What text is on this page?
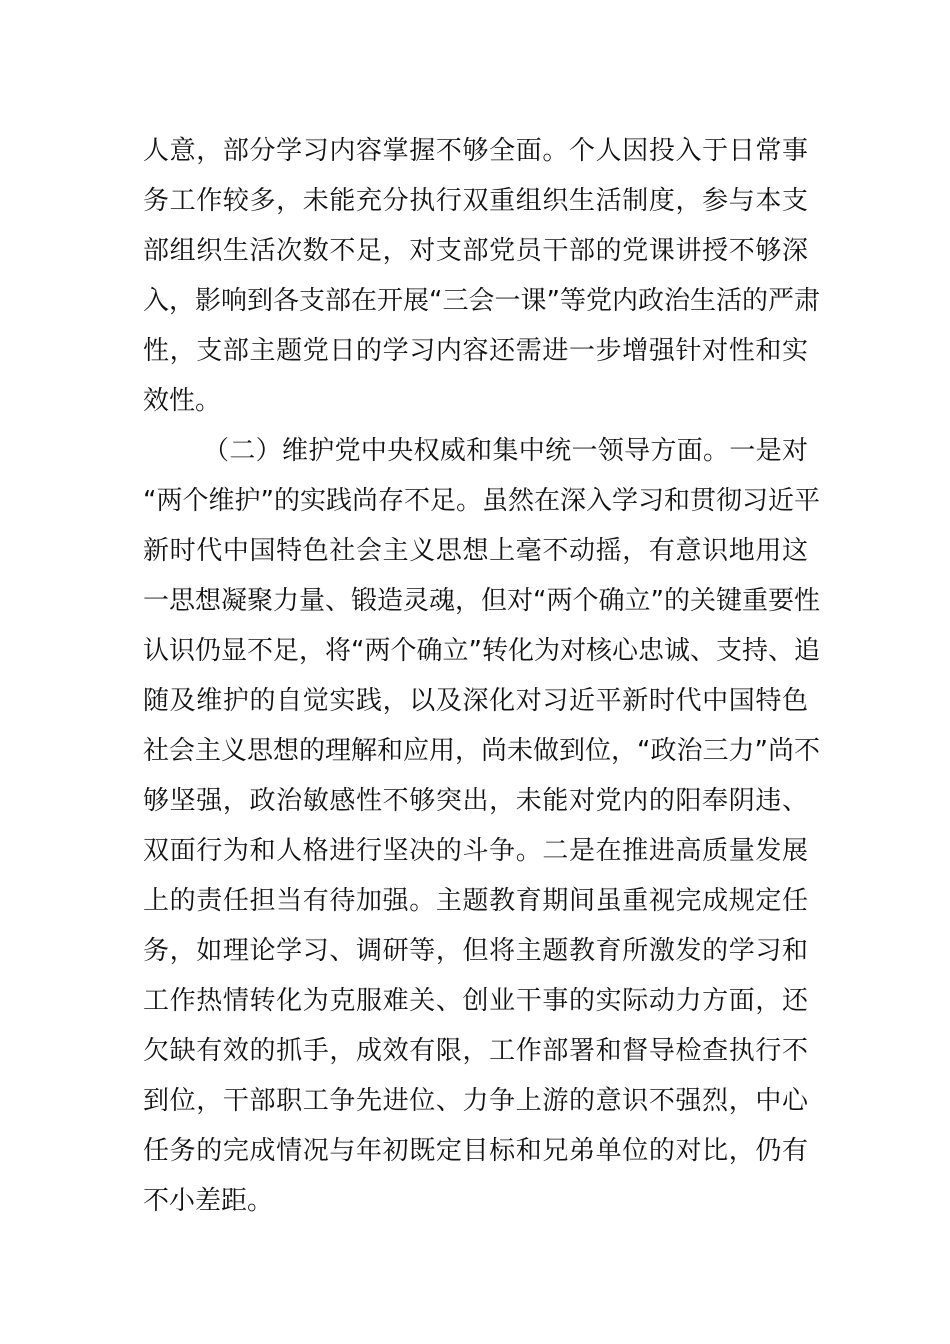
人意，部分学习内容掌握不够全面。个人因投入于日常事
务工作较多，未能充分执行双重组织生活制度，参与本支
部组织生活次数不足，对支部党员干部的党课讲授不够深
入，影响到各支部在开展“三会一课”等党内政治生活的严肃
性，支部主题党日的学习内容还需进一步增强针对性和实
效性。
（二）维护党中央权威和集中统一领导方面。一是对
“两个维护”的实践尚存不足。虽然在深入学习和贯彻习近平
新时代中国特色社会主义思想上毫不动摇，有意识地用这
一思想凝聚力量、锻造灵魂，但对“两个确立”的关键重要性
认识仍显不足，将“两个确立”转化为对核心忠诚、支持、追
随及维护的自觉实践，以及深化对习近平新时代中国特色
社会主义思想的理解和应用，尚未做到位，“政治三力”尚不
够坚强，政治敏感性不够突出，未能对党内的阳奉阴违、
双面行为和人格进行坚决的斗争。二是在推进高质量发展
上的责任担当有待加强。主题教育期间虽重视完成规定任
务，如理论学习、调研等，但将主题教育所激发的学习和
工作热情转化为克服难关、创业干事的实际动力方面，还
欠缺有效的抓手，成效有限，工作部署和督导检查执行不
到位，干部职工争先进位、力争上游的意识不强烈，中心
任务的完成情况与年初既定目标和兄弟单位的对比，仍有
不小差距。
